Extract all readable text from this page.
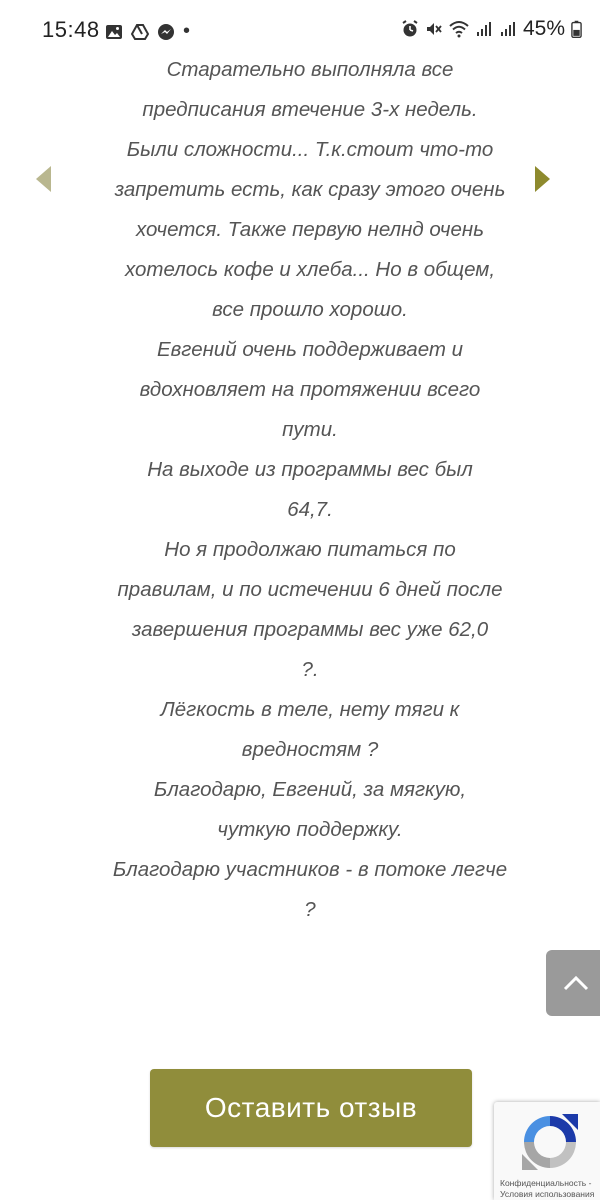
15:48	•	45%
Старательно выполняла все
предписания втечение 3-х недель.
Были сложности... Т.к.стоит что-то
запретить есть, как сразу этого очень
хочется. Также первую нелнд очень
хотелось кофе и хлеба... Но в общем,
все прошло хорошо.
Евгений очень поддерживает и
вдохновляет на протяжении всего
пути.
На выходе из программы вес был
64,7.
Но я продолжаю питаться по
правилам, и по истечении 6 дней после
завершения программы вес уже 62,0
?.
Лёгкость в теле, нету тяги к
вредностям ?
Благодарю, Евгений, за мягкую,
чуткую поддержку.
Благодарю участников - в потоке легче
?
Оставить отзыв
Конфиденциальность -
Условия использования
